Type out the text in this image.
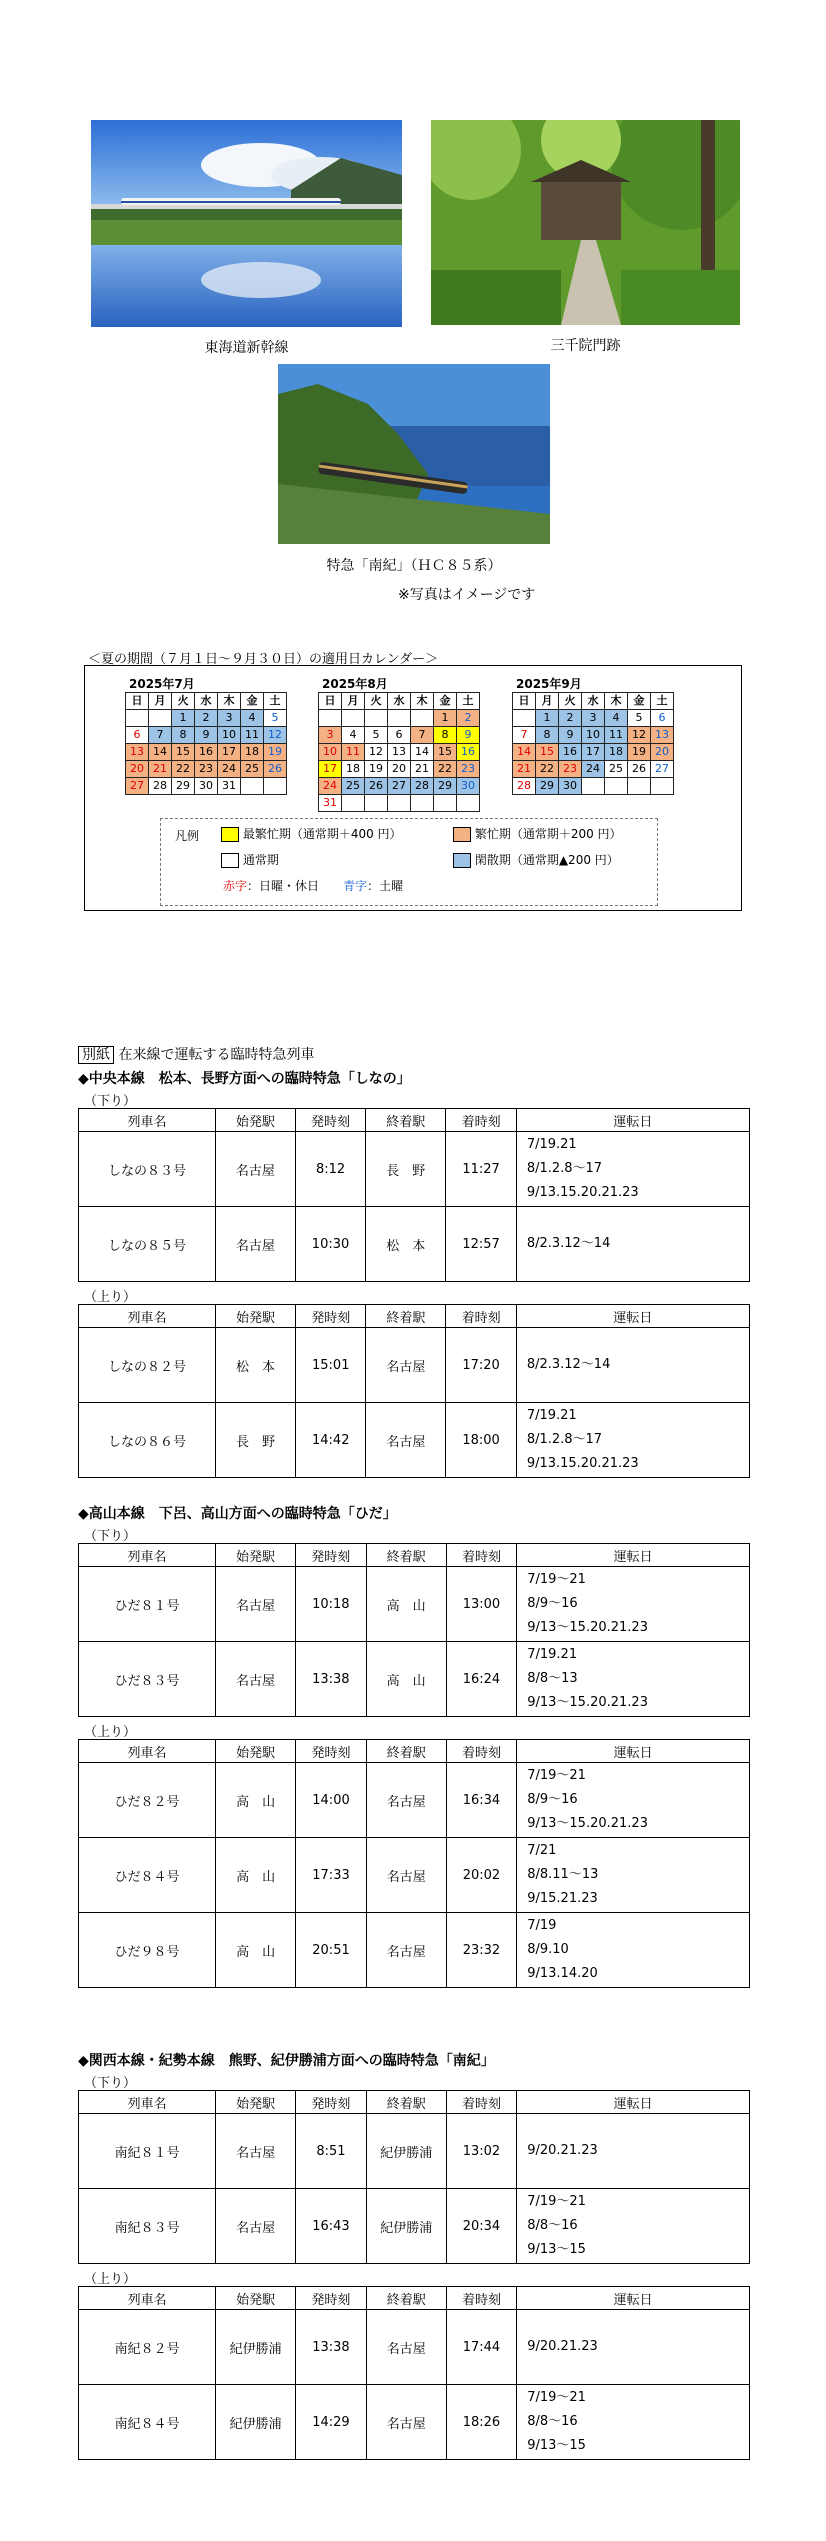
東海道新幹線	三千院門跡
特急「南紀」（ＨＣ８５系）
※写真はイメージです
＜夏の期間（７月１日～９月３０日）の適用日カレンダー＞
2025年7月
日	月	火	水	木	金	土
		1	2	3	4	5
6	7	8	9	10	11	12
13	14	15	16	17	18	19
20	21	22	23	24	25	26
27	28	29	30	31		
2025年8月
日	月	火	水	木	金	土
					1	2
3	4	5	6	7	8	9
10	11	12	13	14	15	16
17	18	19	20	21	22	23
24	25	26	27	28	29	30
31						
2025年9月
日	月	火	水	木	金	土
	1	2	3	4	5	6
7	8	9	10	11	12	13
14	15	16	17	18	19	20
21	22	23	24	25	26	27
28	29	30				
凡例	最繁忙期（通常期＋400 円）	繁忙期（通常期＋200 円）
通常期	閑散期（通常期▲200 円）
赤字：日曜・休日　　 青字：土曜
別紙 在来線で運転する臨時特急列車
◆中央本線　松本、長野方面への臨時特急「しなの」
（下り）
列車名	始発駅	発時刻	終着駅	着時刻	運転日
しなの８３号	名古屋	8:12	長　野	11:27	7/19.21
8/1.2.8～17
9/13.15.20.21.23

しなの８５号	名古屋	10:30	松　本	12:57	8/2.3.12～14
（上り）
列車名	始発駅	発時刻	終着駅	着時刻	運転日
しなの８２号	松　本	15:01	名古屋	17:20	8/2.3.12～14

しなの８６号	長　野	14:42	名古屋	18:00	7/19.21
8/1.2.8～17
9/13.15.20.21.23
◆高山本線　下呂、高山方面への臨時特急「ひだ」
（下り）
列車名	始発駅	発時刻	終着駅	着時刻	運転日
ひだ８１号	名古屋	10:18	高　山	13:00	7/19～21
8/9～16
9/13～15.20.21.23

ひだ８３号	名古屋	13:38	高　山	16:24	7/19.21
8/8～13
9/13～15.20.21.23
（上り）
列車名	始発駅	発時刻	終着駅	着時刻	運転日
ひだ８２号	高　山	14:00	名古屋	16:34	7/19～21
8/9～16
9/13～15.20.21.23

ひだ８４号	高　山	17:33	名古屋	20:02	7/21
8/8.11～13
9/15.21.23

ひだ９８号	高　山	20:51	名古屋	23:32	7/19
8/9.10
9/13.14.20
◆関西本線・紀勢本線　熊野、紀伊勝浦方面への臨時特急「南紀」
（下り）
列車名	始発駅	発時刻	終着駅	着時刻	運転日
南紀８１号	名古屋	8:51	紀伊勝浦	13:02	9/20.21.23

南紀８３号	名古屋	16:43	紀伊勝浦	20:34	7/19～21
8/8～16
9/13～15
（上り）
列車名	始発駅	発時刻	終着駅	着時刻	運転日
南紀８２号	紀伊勝浦	13:38	名古屋	17:44	9/20.21.23

南紀８４号	紀伊勝浦	14:29	名古屋	18:26	7/19～21
8/8～16
9/13～15
